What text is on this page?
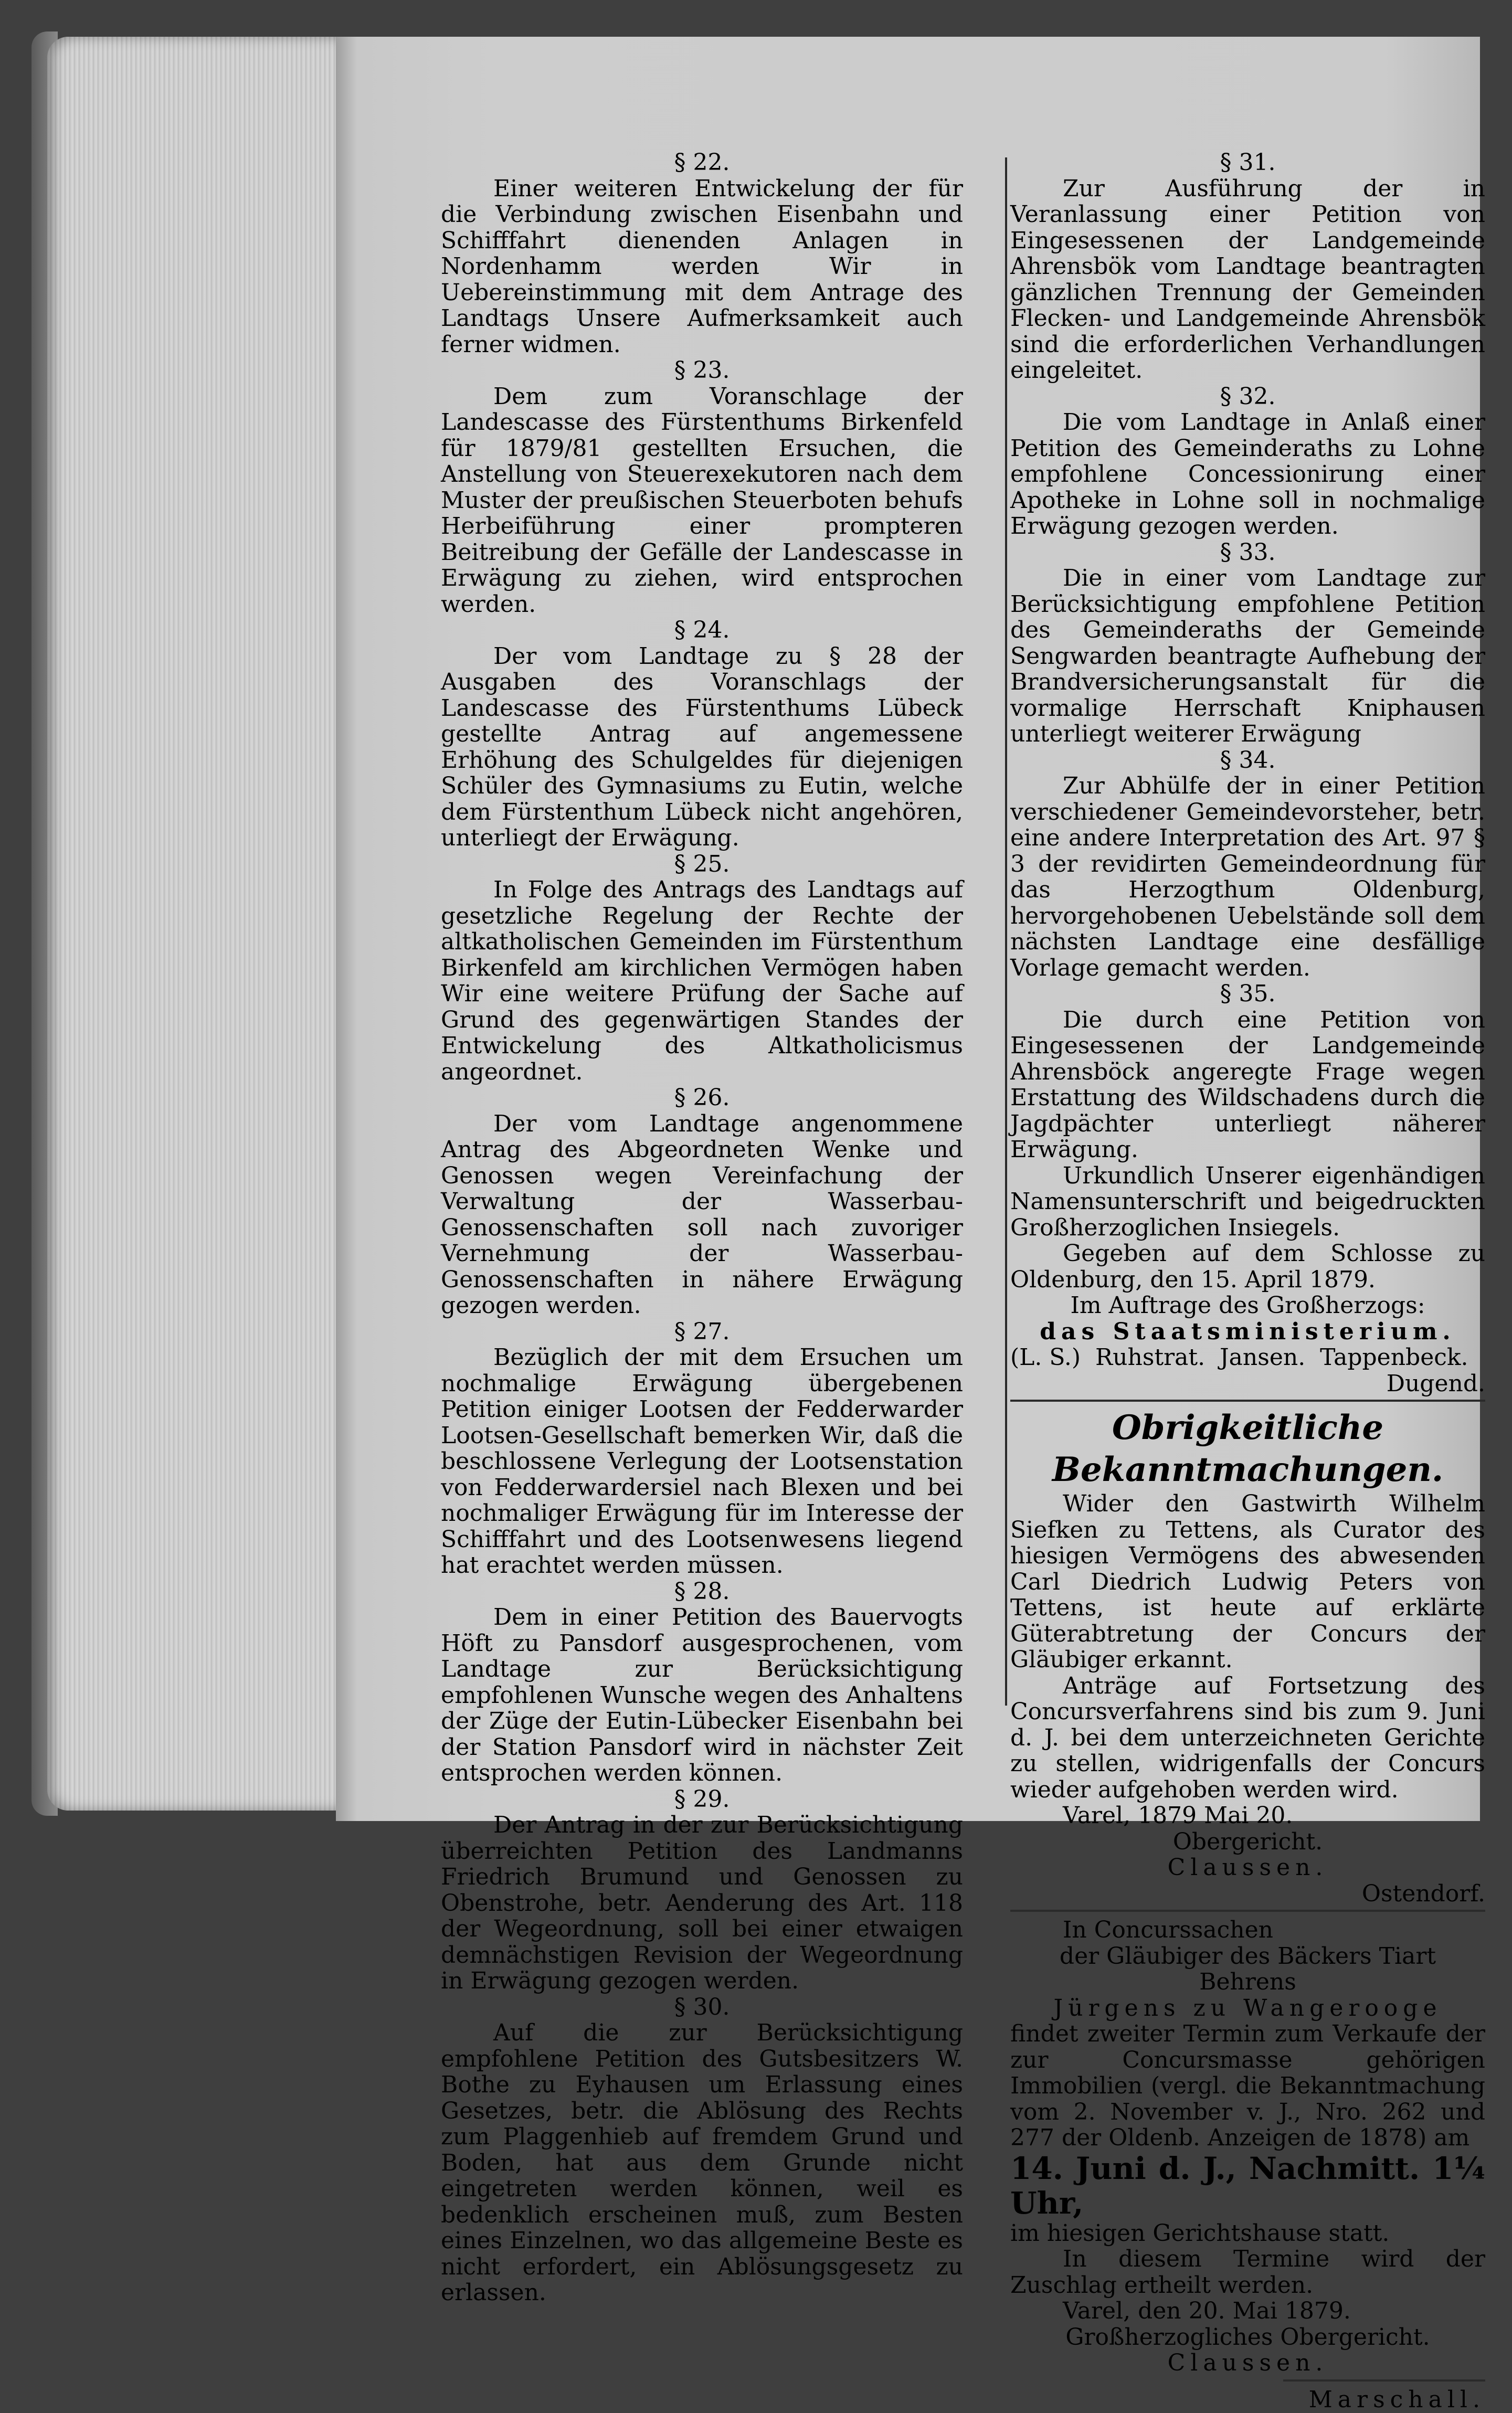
§ 22.

Einer weiteren Entwickelung der für die Verbindung zwischen Eisenbahn und Schifffahrt dienenden Anlagen in Nordenhamm werden Wir in Uebereinstimmung mit dem Antrage des Landtags Unsere Aufmerksamkeit auch ferner widmen.

§ 23.

Dem zum Voranschlage der Landescasse des Fürstenthums Birkenfeld für 1879/81 gestellten Ersuchen, die Anstellung von Steuerexekutoren nach dem Muster der preußischen Steuerboten behufs Herbeiführung einer prompteren Beitreibung der Gefälle der Landescasse in Erwägung zu ziehen, wird entsprochen werden.

§ 24.

Der vom Landtage zu § 28 der Ausgaben des Voranschlags der Landescasse des Fürstenthums Lübeck gestellte Antrag auf angemessene Erhöhung des Schulgeldes für diejenigen Schüler des Gymnasiums zu Eutin, welche dem Fürstenthum Lübeck nicht angehören, unterliegt der Erwägung.

§ 25.

In Folge des Antrags des Landtags auf gesetzliche Regelung der Rechte der altkatholischen Gemeinden im Fürstenthum Birkenfeld am kirchlichen Vermögen haben Wir eine weitere Prüfung der Sache auf Grund des gegenwärtigen Standes der Entwickelung des Altkatholicismus angeordnet.

§ 26.

Der vom Landtage angenommene Antrag des Abgeordneten Wenke und Genossen wegen Vereinfachung der Verwaltung der Wasserbau-Genossenschaften soll nach zuvoriger Vernehmung der Wasserbau-Genossenschaften in nähere Erwägung gezogen werden.

§ 27.

Bezüglich der mit dem Ersuchen um nochmalige Erwägung übergebenen Petition einiger Lootsen der Fedderwarder Lootsen-Gesellschaft bemerken Wir, daß die beschlossene Verlegung der Lootsenstation von Fedderwardersiel nach Blexen und bei nochmaliger Erwägung für im Interesse der Schifffahrt und des Lootsenwesens liegend hat erachtet werden müssen.

§ 28.

Dem in einer Petition des Bauervogts Höft zu Pansdorf ausgesprochenen, vom Landtage zur Berücksichtigung empfohlenen Wunsche wegen des Anhaltens der Züge der Eutin-Lübecker Eisenbahn bei der Station Pansdorf wird in nächster Zeit entsprochen werden können.

§ 29.

Der Antrag in der zur Berücksichtigung überreichten Petition des Landmanns Friedrich Brumund und Genossen zu Obenstrohe, betr. Aenderung des Art. 118 der Wegeordnung, soll bei einer etwaigen demnächstigen Revision der Wegeordnung in Erwägung gezogen werden.

§ 30.

Auf die zur Berücksichtigung empfohlene Petition des Gutsbesitzers W. Bothe zu Eyhausen um Erlassung eines Gesetzes, betr. die Ablösung des Rechts zum Plaggenhieb auf fremdem Grund und Boden, hat aus dem Grunde nicht eingetreten werden können, weil es bedenklich erscheinen muß, zum Besten eines Einzelnen, wo das allgemeine Beste es nicht erfordert, ein Ablösungsgesetz zu erlassen.

§ 31.

Zur Ausführung der in Veranlassung einer Petition von Eingesessenen der Landgemeinde Ahrensbök vom Landtage beantragten gänzlichen Trennung der Gemeinden Flecken- und Landgemeinde Ahrensbök sind die erforderlichen Verhandlungen eingeleitet.

§ 32.

Die vom Landtage in Anlaß einer Petition des Gemeinderaths zu Lohne empfohlene Concessionirung einer Apotheke in Lohne soll in nochmalige Erwägung gezogen werden.

§ 33.

Die in einer vom Landtage zur Berücksichtigung empfohlene Petition des Gemeinderaths der Gemeinde Sengwarden beantragte Aufhebung der Brandversicherungsanstalt für die vormalige Herrschaft Kniphausen unterliegt weiterer Erwägung

§ 34.

Zur Abhülfe der in einer Petition verschiedener Gemeindevorsteher, betr. eine andere Interpretation des Art. 97 § 3 der revidirten Gemeindeordnung für das Herzogthum Oldenburg, hervorgehobenen Uebelstände soll dem nächsten Landtage eine desfällige Vorlage gemacht werden.

§ 35.

Die durch eine Petition von Eingesessenen der Landgemeinde Ahrensböck angeregte Frage wegen Erstattung des Wildschadens durch die Jagdpächter unterliegt näherer Erwägung.

Urkundlich Unserer eigenhändigen Namensunterschrift und beigedruckten Großherzoglichen Insiegels.

Gegeben auf dem Schlosse zu Oldenburg, den 15. April 1879.

Im Auftrage des Großherzogs:

das Staatsministerium.

(L. S.)  Ruhstrat.  Jansen.  Tappenbeck.

Dugend.

Obrigkeitliche Bekanntmachungen.

Wider den Gastwirth Wilhelm Siefken zu Tettens, als Curator des hiesigen Vermögens des abwesenden Carl Diedrich Ludwig Peters von Tettens, ist heute auf erklärte Güterabtretung der Concurs der Gläubiger erkannt.

Anträge auf Fortsetzung des Concursverfahrens sind bis zum 9. Juni d. J. bei dem unterzeichneten Gerichte zu stellen, widrigenfalls der Concurs wieder aufgehoben werden wird.

Varel, 1879 Mai 20.

Obergericht.

Claussen.

Ostendorf.

In Concurssachen

der Gläubiger des Bäckers Tiart Behrens

Jürgens zu Wangerooge

findet zweiter Termin zum Verkaufe der zur Concursmasse gehörigen Immobilien (vergl. die Bekanntmachung vom 2. November v. J., Nro. 262 und 277 der Oldenb. Anzeigen de 1878) am

14. Juni d. J., Nachmitt. 1¼ Uhr,

im hiesigen Gerichtshause statt.

In diesem Termine wird der Zuschlag ertheilt werden.

Varel, den 20. Mai 1879.

Großherzogliches Obergericht.

Claussen.

Marschall.
